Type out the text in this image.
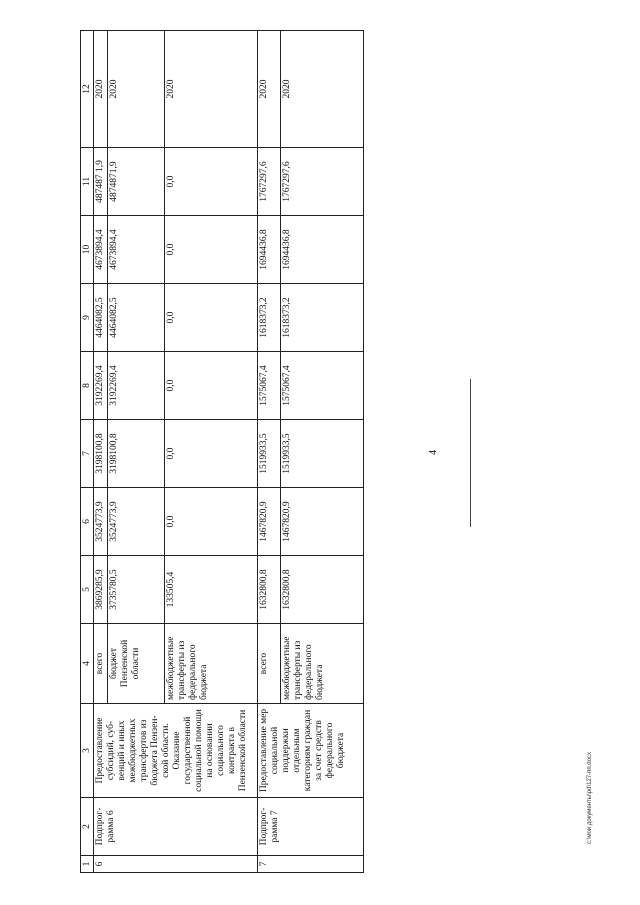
1	2	3	4	5	6	7	8	9	10	11	12
6	Подпрог-рамма 6	Предоставление субсидий, суб-венций и иных межбюджетных трансфертов из бюджета Пензен-ской области. Оказание государственной социальной помощи на основании социального контракта в Пензенской области	всего	3869285,9	3524773,9	3198100,8	3192269,4	4464082,5	4673894,4	487487 1,9	2020
			бюджет Пензенской области	3735780,5	3524773,9	3198100,8	3192269,4	4464082,5	4673894,4	4874871,9	2020
			межбюджетные трансферты из федерального бюджета	133505,4	0,0	0,0	0,0	0,0	0,0	0,0	2020
7	Подпрог-рамма 7	Предоставление мер социальной поддержки отдельным категориям граждан за счет средств федерального бюджета	всего	1632800,8	1467820,9	1519933,5	1575067,4	1618373,2	1694436,8	1767297,6	2020
			межбюджетные трансферты из федерального бюджета	1632800,8	1467820,9	1519933,5	1575067,4	1618373,2	1694436,8	1767297,6	2020
4
c:\мои документы\pd\127-пп.docx
